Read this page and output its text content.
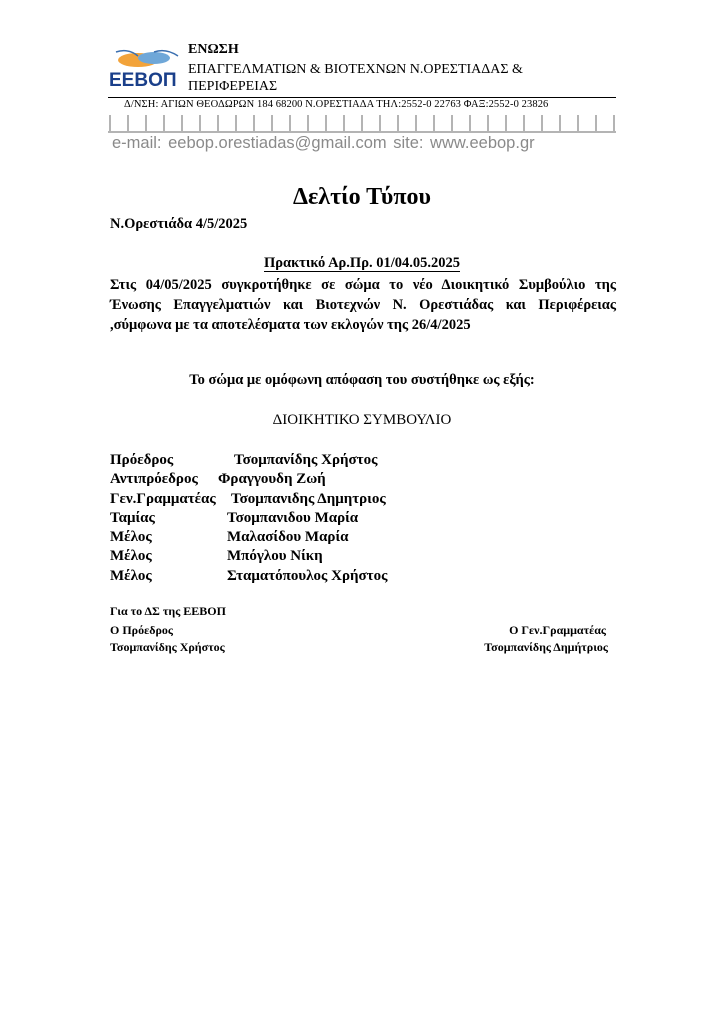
ΕΕΒΟΠ
ΕΝΩΣΗ
ΕΠΑΓΓΕΛΜΑΤΙΩΝ & ΒΙΟΤΕΧΝΩΝ Ν.ΟΡΕΣΤΙΑΔΑΣ & ΠΕΡΙΦΕΡΕΙΑΣ
Δ/ΝΣΗ: ΑΓΙΩΝ ΘΕΟΔΩΡΩΝ 184 68200 Ν.ΟΡΕΣΤΙΑΔΑ ΤΗΛ:2552-0 22763 ΦΑΞ:2552-0 23826
e-mail: eebop.orestiadas@gmail.com site: www.eebop.gr
Δελτίο Τύπου
Ν.Ορεστιάδα 4/5/2025
Πρακτικό Αρ.Πρ. 01/04.05.2025
Στις 04/05/2025 συγκροτήθηκε σε σώμα το νέο Διοικητικό Συμβούλιο της Ένωσης Επαγγελματιών και Βιοτεχνών Ν. Ορεστιάδας και Περιφέρειας ,σύμφωνα με τα αποτελέσματα των εκλογών της 26/4/2025
Το σώμα με ομόφωνη απόφαση του συστήθηκε ως εξής:
ΔΙΟΙΚΗΤΙΚΟ ΣΥΜΒΟΥΛΙΟ
Πρόεδρος	Τσομπανίδης Χρήστος
Αντιπρόεδρος Φραγγουδη Ζωή
Γεν.Γραμματέας Τσομπανιδης Δημητριος
Ταμίας	Τσομπανιδου Μαρία
Μέλος	Μαλασίδου Μαρία
Μέλος	Μπόγλου Νίκη
Μέλος	Σταματόπουλος Χρήστος
Για το ΔΣ της ΕΕΒΟΠ
Ο Πρόεδρος
Τσομπανίδης Χρήστος
Ο Γεν.Γραμματέας
Τσομπανίδης Δημήτριος
